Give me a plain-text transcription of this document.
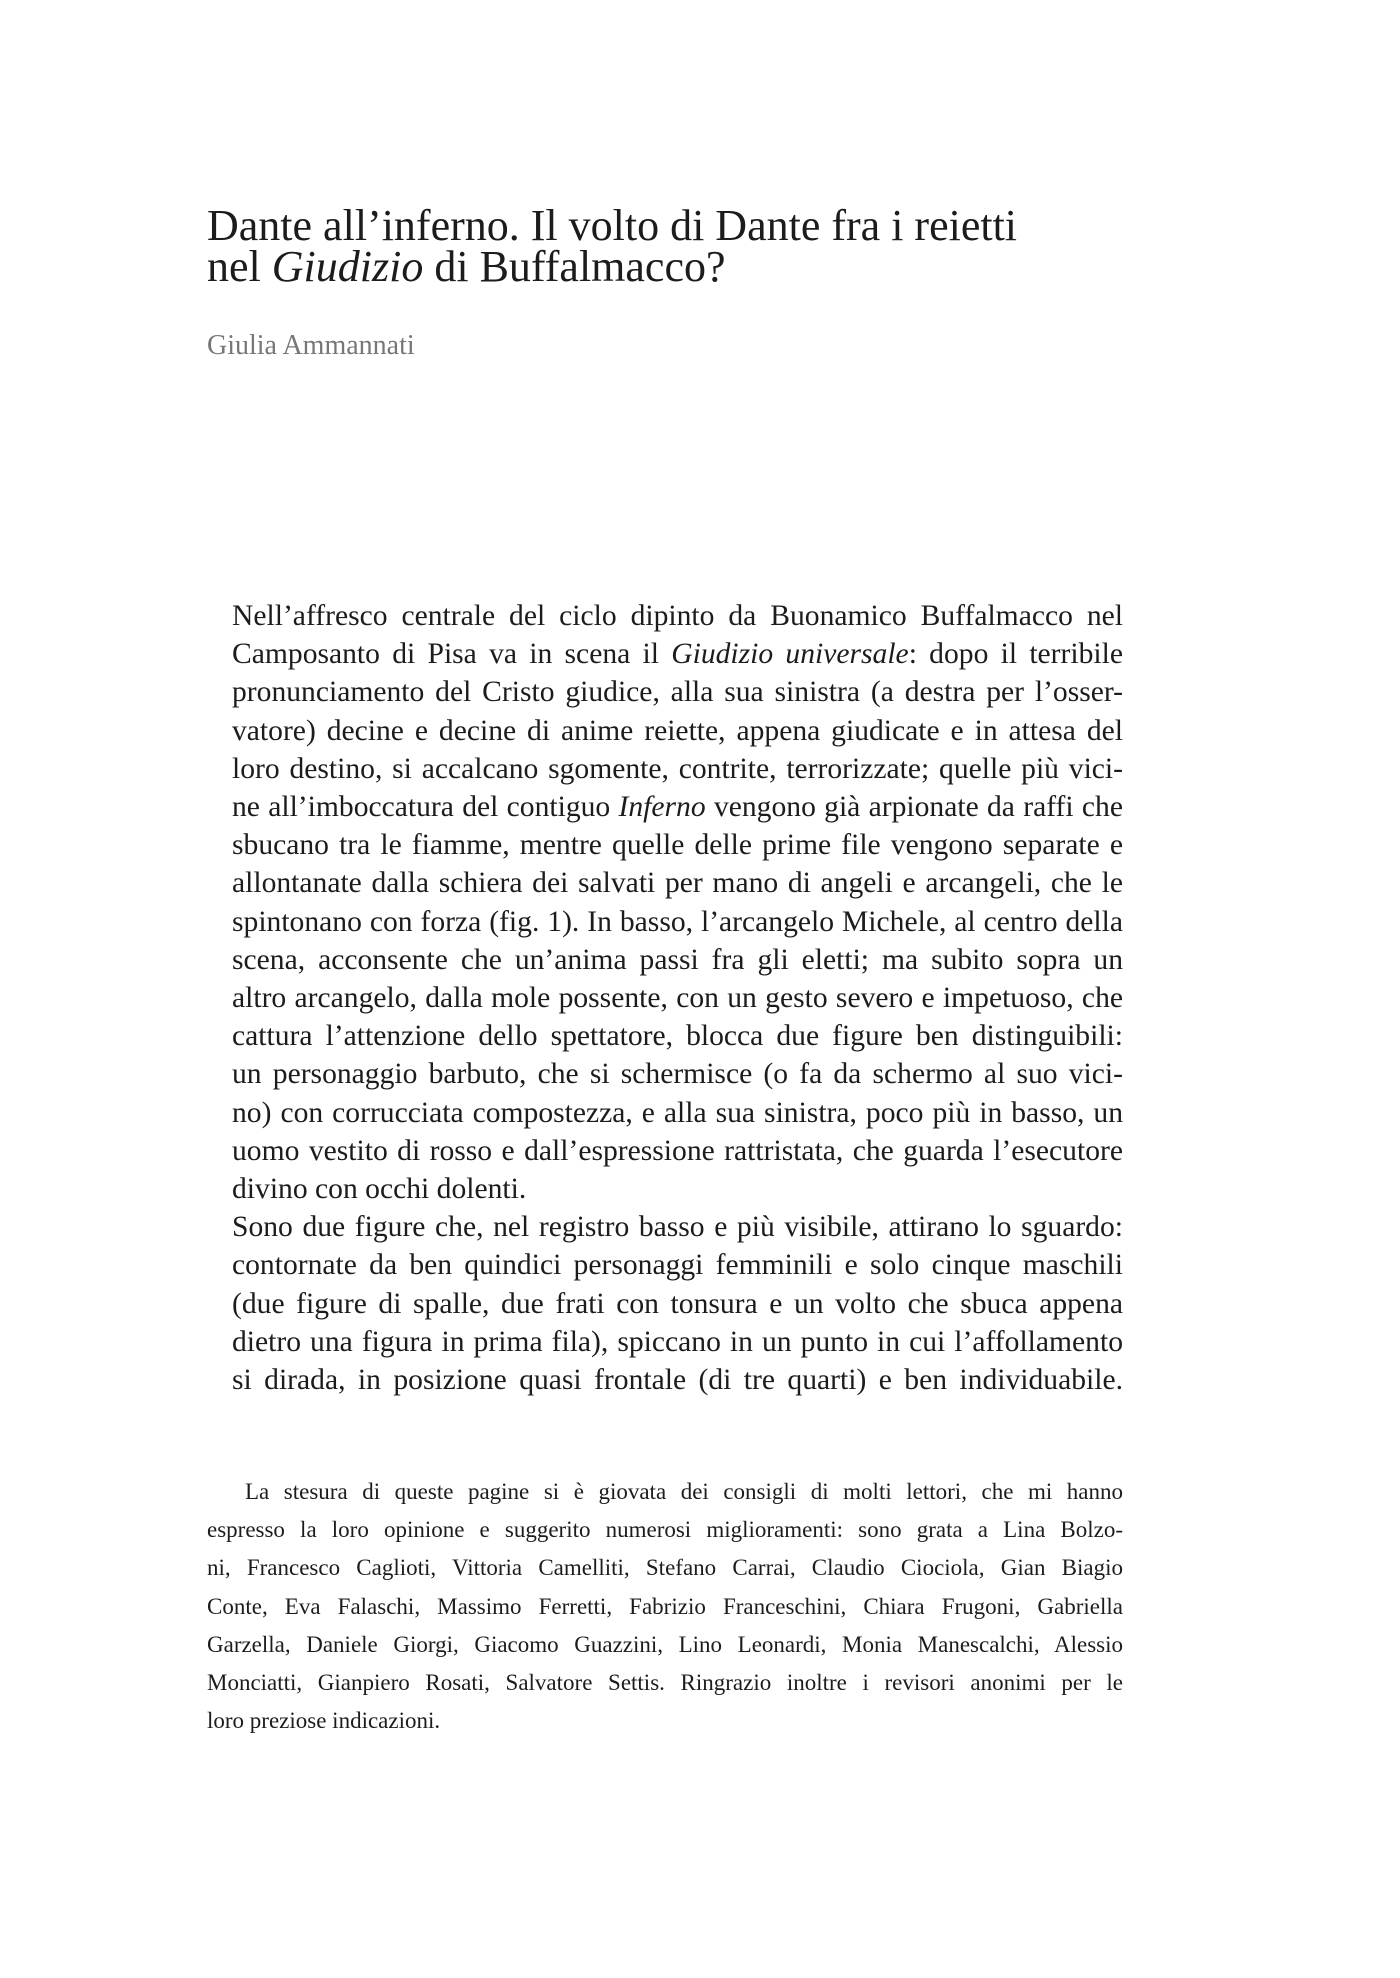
Dante all’inferno. Il volto di Dante fra i reietti
nel Giudizio di Buffalmacco?

Giulia Ammannati

Nell’affresco centrale del ciclo dipinto da Buonamico Buffalmacco nel
Camposanto di Pisa va in scena il Giudizio universale: dopo il terribile
pronunciamento del Cristo giudice, alla sua sinistra (a destra per l’osser-
vatore) decine e decine di anime reiette, appena giudicate e in attesa del
loro destino, si accalcano sgomente, contrite, terrorizzate; quelle più vici-
ne all’imboccatura del contiguo Inferno vengono già arpionate da raffi che
sbucano tra le fiamme, mentre quelle delle prime file vengono separate e
allontanate dalla schiera dei salvati per mano di angeli e arcangeli, che le
spintonano con forza (fig. 1). In basso, l’arcangelo Michele, al centro della
scena, acconsente che un’anima passi fra gli eletti; ma subito sopra un
altro arcangelo, dalla mole possente, con un gesto severo e impetuoso, che
cattura l’attenzione dello spettatore, blocca due figure ben distinguibili:
un personaggio barbuto, che si schermisce (o fa da schermo al suo vici-
no) con corrucciata compostezza, e alla sua sinistra, poco più in basso, un
uomo vestito di rosso e dall’espressione rattristata, che guarda l’esecutore
divino con occhi dolenti.

Sono due figure che, nel registro basso e più visibile, attirano lo sguardo:
contornate da ben quindici personaggi femminili e solo cinque maschili
(due figure di spalle, due frati con tonsura e un volto che sbuca appena
dietro una figura in prima fila), spiccano in un punto in cui l’affollamento
si dirada, in posizione quasi frontale (di tre quarti) e ben individuabile.

La stesura di queste pagine si è giovata dei consigli di molti lettori, che mi hanno
espresso la loro opinione e suggerito numerosi miglioramenti: sono grata a Lina Bolzo-
ni, Francesco Caglioti, Vittoria Camelliti, Stefano Carrai, Claudio Ciociola, Gian Biagio
Conte, Eva Falaschi, Massimo Ferretti, Fabrizio Franceschini, Chiara Frugoni, Gabriella
Garzella, Daniele Giorgi, Giacomo Guazzini, Lino Leonardi, Monia Manescalchi, Alessio
Monciatti, Gianpiero Rosati, Salvatore Settis. Ringrazio inoltre i revisori anonimi per le
loro preziose indicazioni.
